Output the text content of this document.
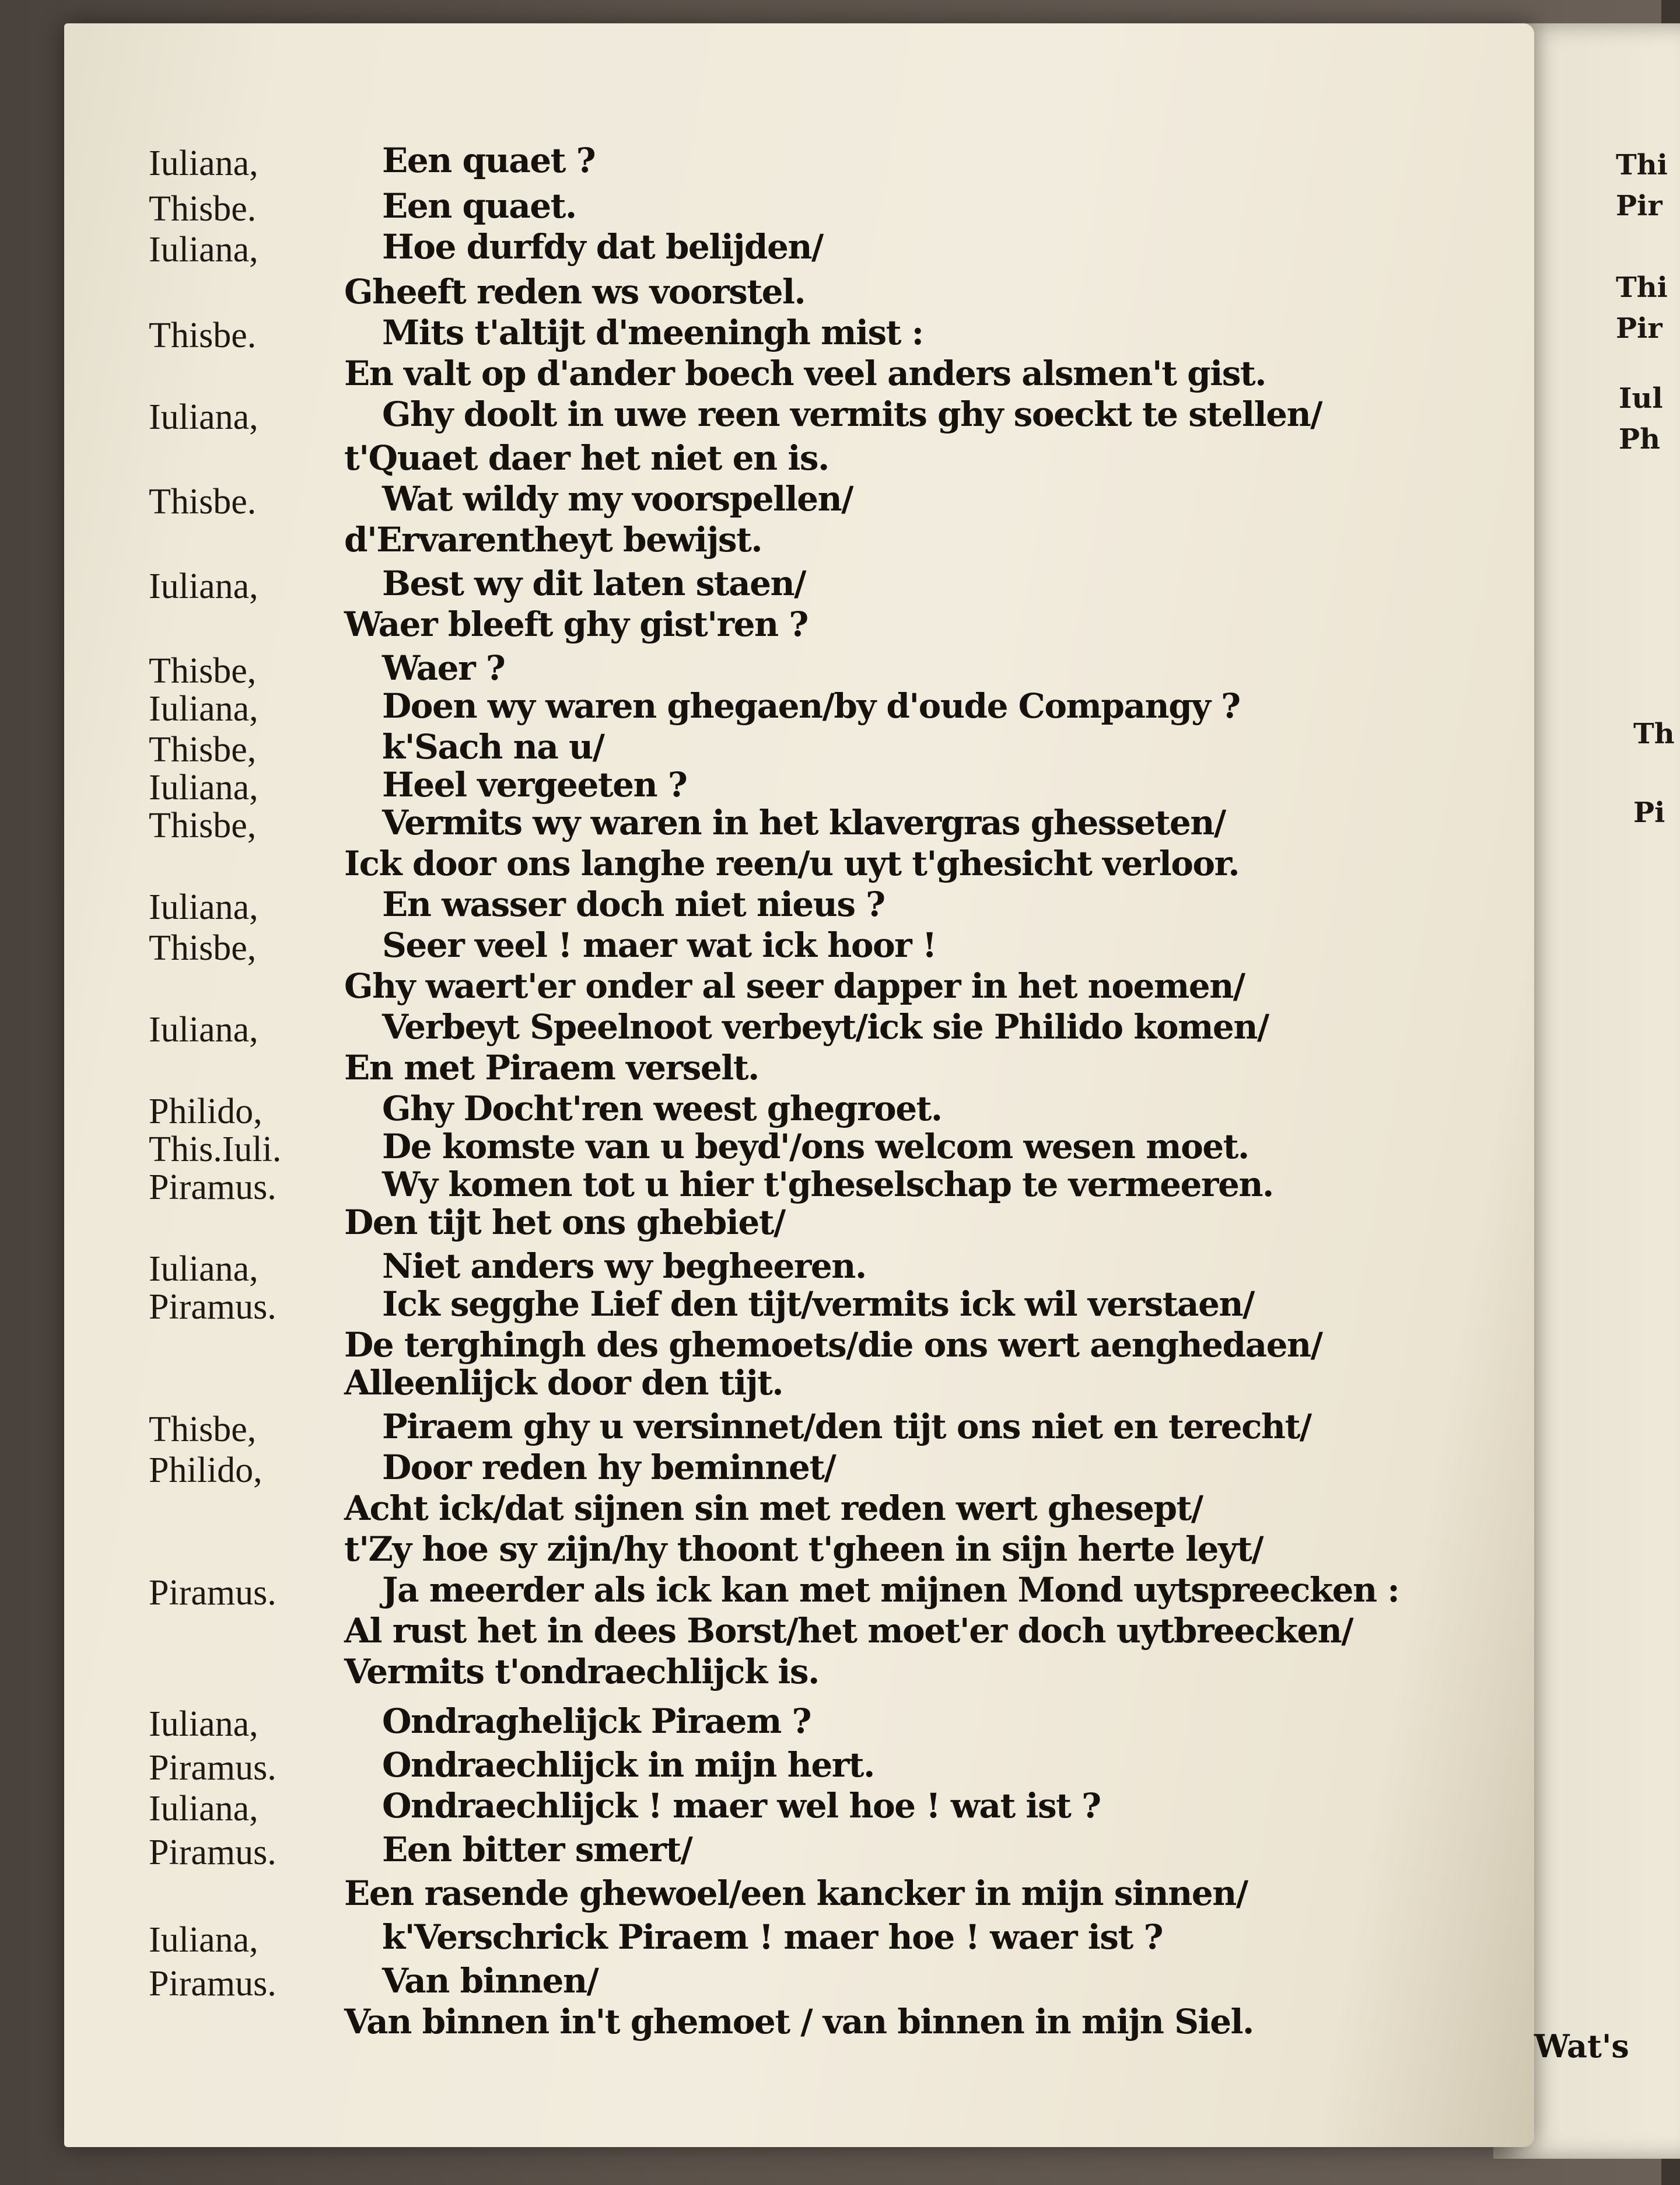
Thi
Pir
Thi
Pir
Iul
Ph
Th
Pi
Iuliana,	Een quaet ?
Thisbe.	Een quaet.
Iuliana,	Hoe durfdy dat belijden/
Gheeft reden ws voorstel.
Thisbe.	Mits t'altijt d'meeningh mist :
En valt op d'ander boech veel anders alsmen't gist.
Iuliana,	Ghy doolt in uwe reen vermits ghy soeckt te stellen/
t'Quaet daer het niet en is.
Thisbe.	Wat wildy my voorspellen/
d'Ervarentheyt bewijst.
Iuliana,	Best wy dit laten staen/
Waer bleeft ghy gist'ren ?
Thisbe,	Waer ?
Iuliana,	Doen wy waren ghegaen/by d'oude Compangy ?
Thisbe,	k'Sach na u/
Iuliana,	Heel vergeeten ?
Thisbe,	Vermits wy waren in het klavergras ghesseten/
Ick door ons langhe reen/u uyt t'ghesicht verloor.
Iuliana,	En wasser doch niet nieus ?
Thisbe,	Seer veel ! maer wat ick hoor !
Ghy waert'er onder al seer dapper in het noemen/
Iuliana,	Verbeyt Speelnoot verbeyt/ick sie Philido komen/
En met Piraem verselt.
Philido,	Ghy Docht'ren weest ghegroet.
This.Iuli.	De komste van u beyd'/ons welcom wesen moet.
Piramus.	Wy komen tot u hier t'gheselschap te vermeeren.
Den tijt het ons ghebiet/
Iuliana,	Niet anders wy begheeren.
Piramus.	Ick segghe Lief den tijt/vermits ick wil verstaen/
De terghingh des ghemoets/die ons wert aenghedaen/
Alleenlijck door den tijt.
Thisbe,	Piraem ghy u versinnet/den tijt ons niet en terecht/
Philido,	Door reden hy beminnet/
Acht ick/dat sijnen sin met reden wert ghesept/
t'Zy hoe sy zijn/hy thoont t'gheen in sijn herte leyt/
Piramus.	Ja meerder als ick kan met mijnen Mond uytspreecken :
Al rust het in dees Borst/het moet'er doch uytbreecken/
Vermits t'ondraechlijck is.
Iuliana,	Ondraghelijck Piraem ?
Piramus.	Ondraechlijck in mijn hert.
Iuliana,	Ondraechlijck ! maer wel hoe ! wat ist ?
Piramus.	Een bitter smert/
Een rasende ghewoel/een kancker in mijn sinnen/
Iuliana,	k'Verschrick Piraem ! maer hoe ! waer ist ?
Piramus.	Van binnen/
Van binnen in't ghemoet / van binnen in mijn Siel.
Wat's
